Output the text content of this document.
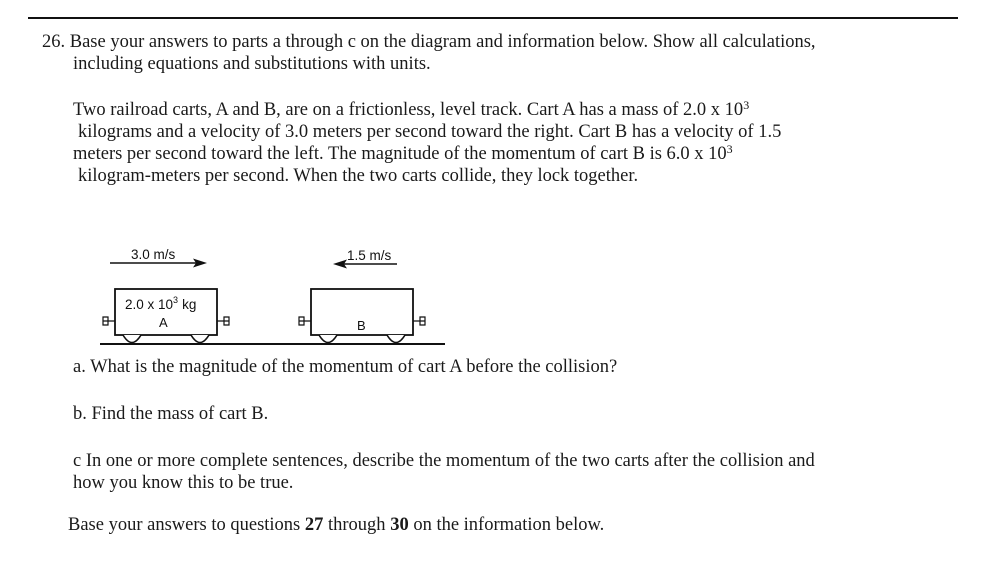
26. Base your answers to parts a through c on the diagram and information below. Show all calculations,
including equations and substitutions with units.
Two railroad carts, A and B, are on a frictionless, level track. Cart A has a mass of 2.0 x $10^3$
kilograms and a velocity of 3.0 meters per second toward the right. Cart B has a velocity of 1.5
meters per second toward the left. The magnitude of the momentum of cart B is 6.0 x $10^3$
kilogram-meters per second. When the two carts collide, they lock together.
3.0 m/s	1.5 m/s
2.0 x $10^3$ kg
A	B
a. What is the magnitude of the momentum of cart A before the collision?
b. Find the mass of cart B.
c In one or more complete sentences, describe the momentum of the two carts after the collision and
how you know this to be true.
Base your answers to questions 27 through 30 on the information below.
